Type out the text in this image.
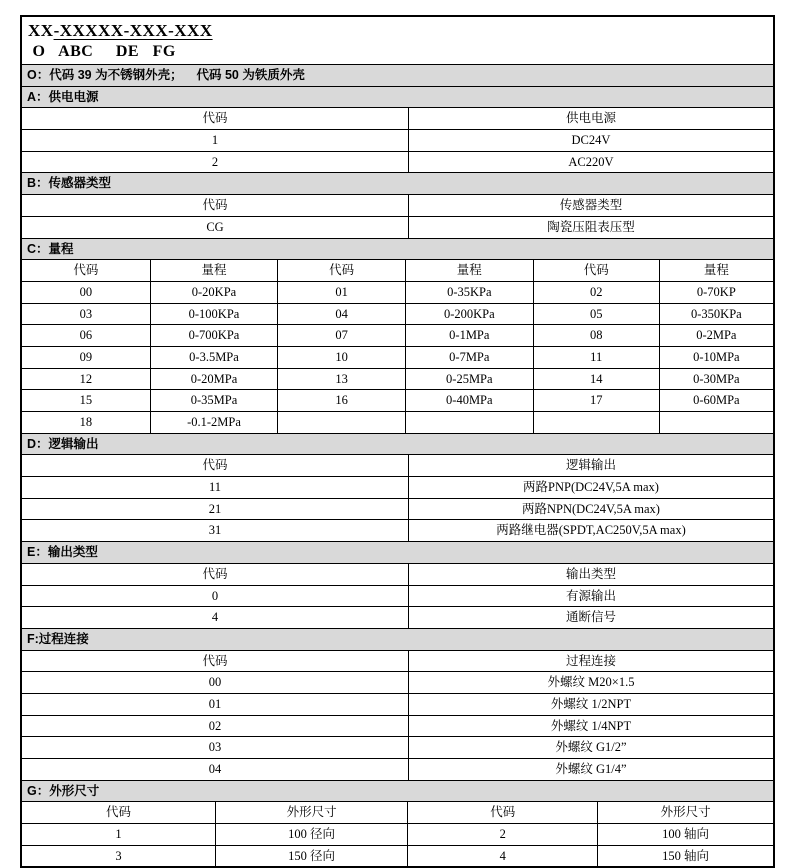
XX-XXXXX-XXX-XXX
O   ABC     DE   FG
O：代码 39 为不锈钢外壳；    代码 50 为铁质外壳
A：供电电源
代码	供电电源
1	DC24V
2	AC220V
B：传感器类型
代码	传感器类型
CG	陶瓷压阻表压型
C：量程
代码	量程	代码	量程	代码	量程
00	0-20KPa	01	0-35KPa	02	0-70KP
03	0-100KPa	04	0-200KPa	05	0-350KPa
06	0-700KPa	07	0-1MPa	08	0-2MPa
09	0-3.5MPa	10	0-7MPa	11	0-10MPa
12	0-20MPa	13	0-25MPa	14	0-30MPa
15	0-35MPa	16	0-40MPa	17	0-60MPa
18	-0.1-2MPa
D：逻辑输出
代码	逻辑输出
11	两路PNP(DC24V,5A max)
21	两路NPN(DC24V,5A max)
31	两路继电器(SPDT,AC250V,5A max)
E：输出类型
代码	输出类型
0	有源输出
4	通断信号
F:过程连接
代码	过程连接
00	外螺纹 M20×1.5
01	外螺纹 1/2NPT
02	外螺纹 1/4NPT
03	外螺纹 G1/2”
04	外螺纹 G1/4”
G：外形尺寸
代码	外形尺寸	代码	外形尺寸
1	100 径向	2	100 轴向
3	150 径向	4	150 轴向
